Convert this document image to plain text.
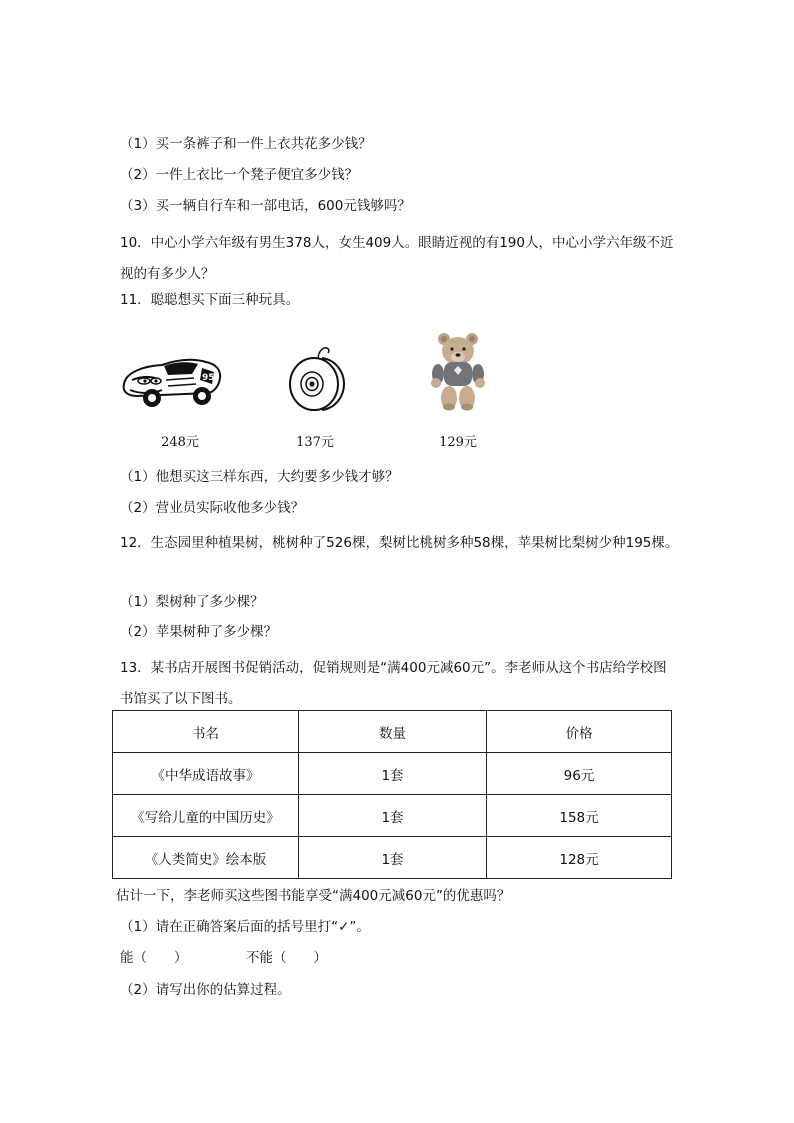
（1）买一条裤子和一件上衣共花多少钱？
（2）一件上衣比一个凳子便宜多少钱？
（3）买一辆自行车和一部电话，600元钱够吗？
10．中心小学六年级有男生378人，女生409人。眼睛近视的有190人，中心小学六年级不近视的有多少人？
11．聪聪想买下面三种玩具。
95
248元	137元	129元
（1）他想买这三样东西，大约要多少钱才够？
（2）营业员实际收他多少钱？
12．生态园里种植果树，桃树种了526棵，梨树比桃树多种58棵，苹果树比梨树少种195棵。
（1）梨树种了多少棵？
（2）苹果树种了多少棵？
13．某书店开展图书促销活动，促销规则是“满400元减60元”。李老师从这个书店给学校图书馆买了以下图书。
书名	数量	价格
《中华成语故事》	1套	96元
《写给儿童的中国历史》	1套	158元
《人类简史》绘本版	1套	128元
估计一下，李老师买这些图书能享受“满400元减60元”的优惠吗？
（1）请在正确答案后面的括号里打“✓”。
能（　　）	不能（　　）
（2）请写出你的估算过程。
